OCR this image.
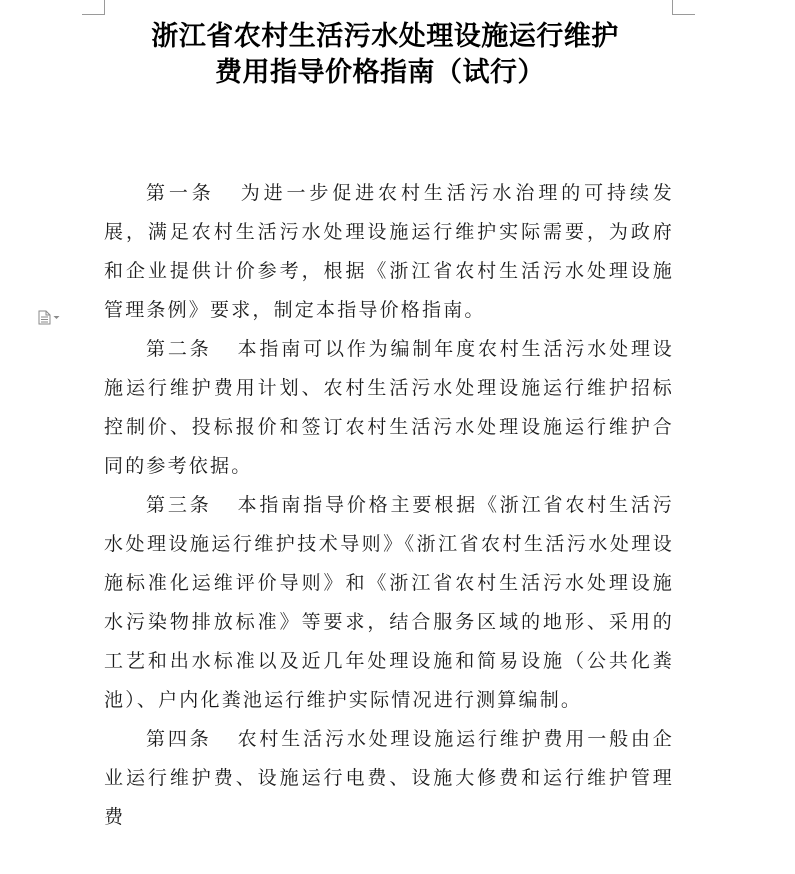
浙江省农村生活污水处理设施运行维护
费用指导价格指南（试行）

第一条 为进一步促进农村生活污水治理的可持续发展，满足农村生活污水处理设施运行维护实际需要，为政府和企业提供计价参考，根据《浙江省农村生活污水处理设施管理条例》要求，制定本指导价格指南。

第二条 本指南可以作为编制年度农村生活污水处理设施运行维护费用计划、农村生活污水处理设施运行维护招标控制价、投标报价和签订农村生活污水处理设施运行维护合同的参考依据。

第三条 本指南指导价格主要根据《浙江省农村生活污水处理设施运行维护技术导则》《浙江省农村生活污水处理设施标准化运维评价导则》和《浙江省农村生活污水处理设施水污染物排放标准》等要求，结合服务区域的地形、采用的工艺和出水标准以及近几年处理设施和简易设施（公共化粪池）、户内化粪池运行维护实际情况进行测算编制。

第四条 农村生活污水处理设施运行维护费用一般由企业运行维护费、设施运行电费、设施大修费和运行维护管理费
